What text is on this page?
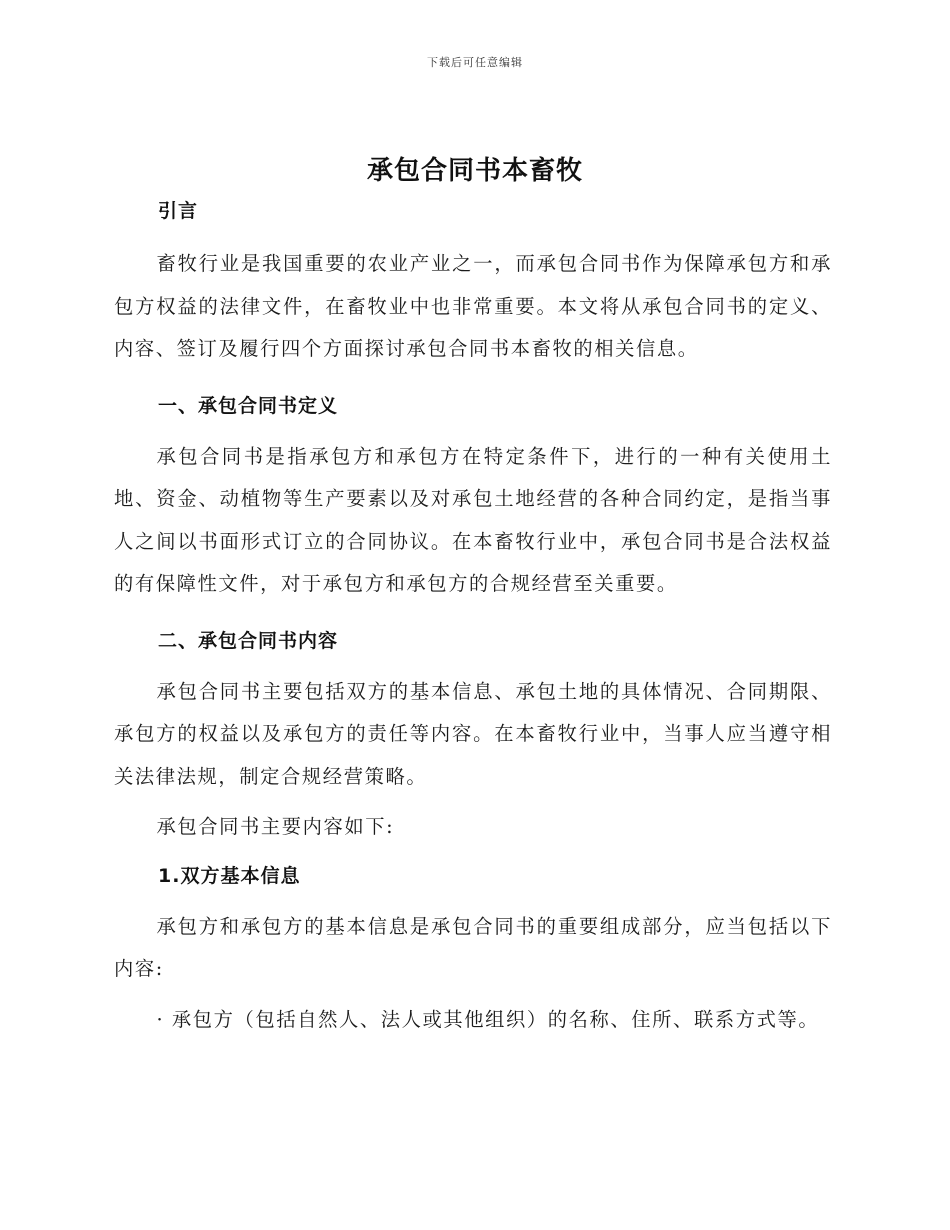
下载后可任意编辑
承包合同书本畜牧
引言

畜牧行业是我国重要的农业产业之一，而承包合同书作为保障承包方和承包方权益的法律文件，在畜牧业中也非常重要。本文将从承包合同书的定义、内容、签订及履行四个方面探讨承包合同书本畜牧的相关信息。

一、承包合同书定义

承包合同书是指承包方和承包方在特定条件下，进行的一种有关使用土地、资金、动植物等生产要素以及对承包土地经营的各种合同约定，是指当事人之间以书面形式订立的合同协议。在本畜牧行业中，承包合同书是合法权益的有保障性文件，对于承包方和承包方的合规经营至关重要。

二、承包合同书内容

承包合同书主要包括双方的基本信息、承包土地的具体情况、合同期限、承包方的权益以及承包方的责任等内容。在本畜牧行业中，当事人应当遵守相关法律法规，制定合规经营策略。

承包合同书主要内容如下:

1.双方基本信息

承包方和承包方的基本信息是承包合同书的重要组成部分，应当包括以下内容:

· 承包方（包括自然人、法人或其他组织）的名称、住所、联系方式等。
